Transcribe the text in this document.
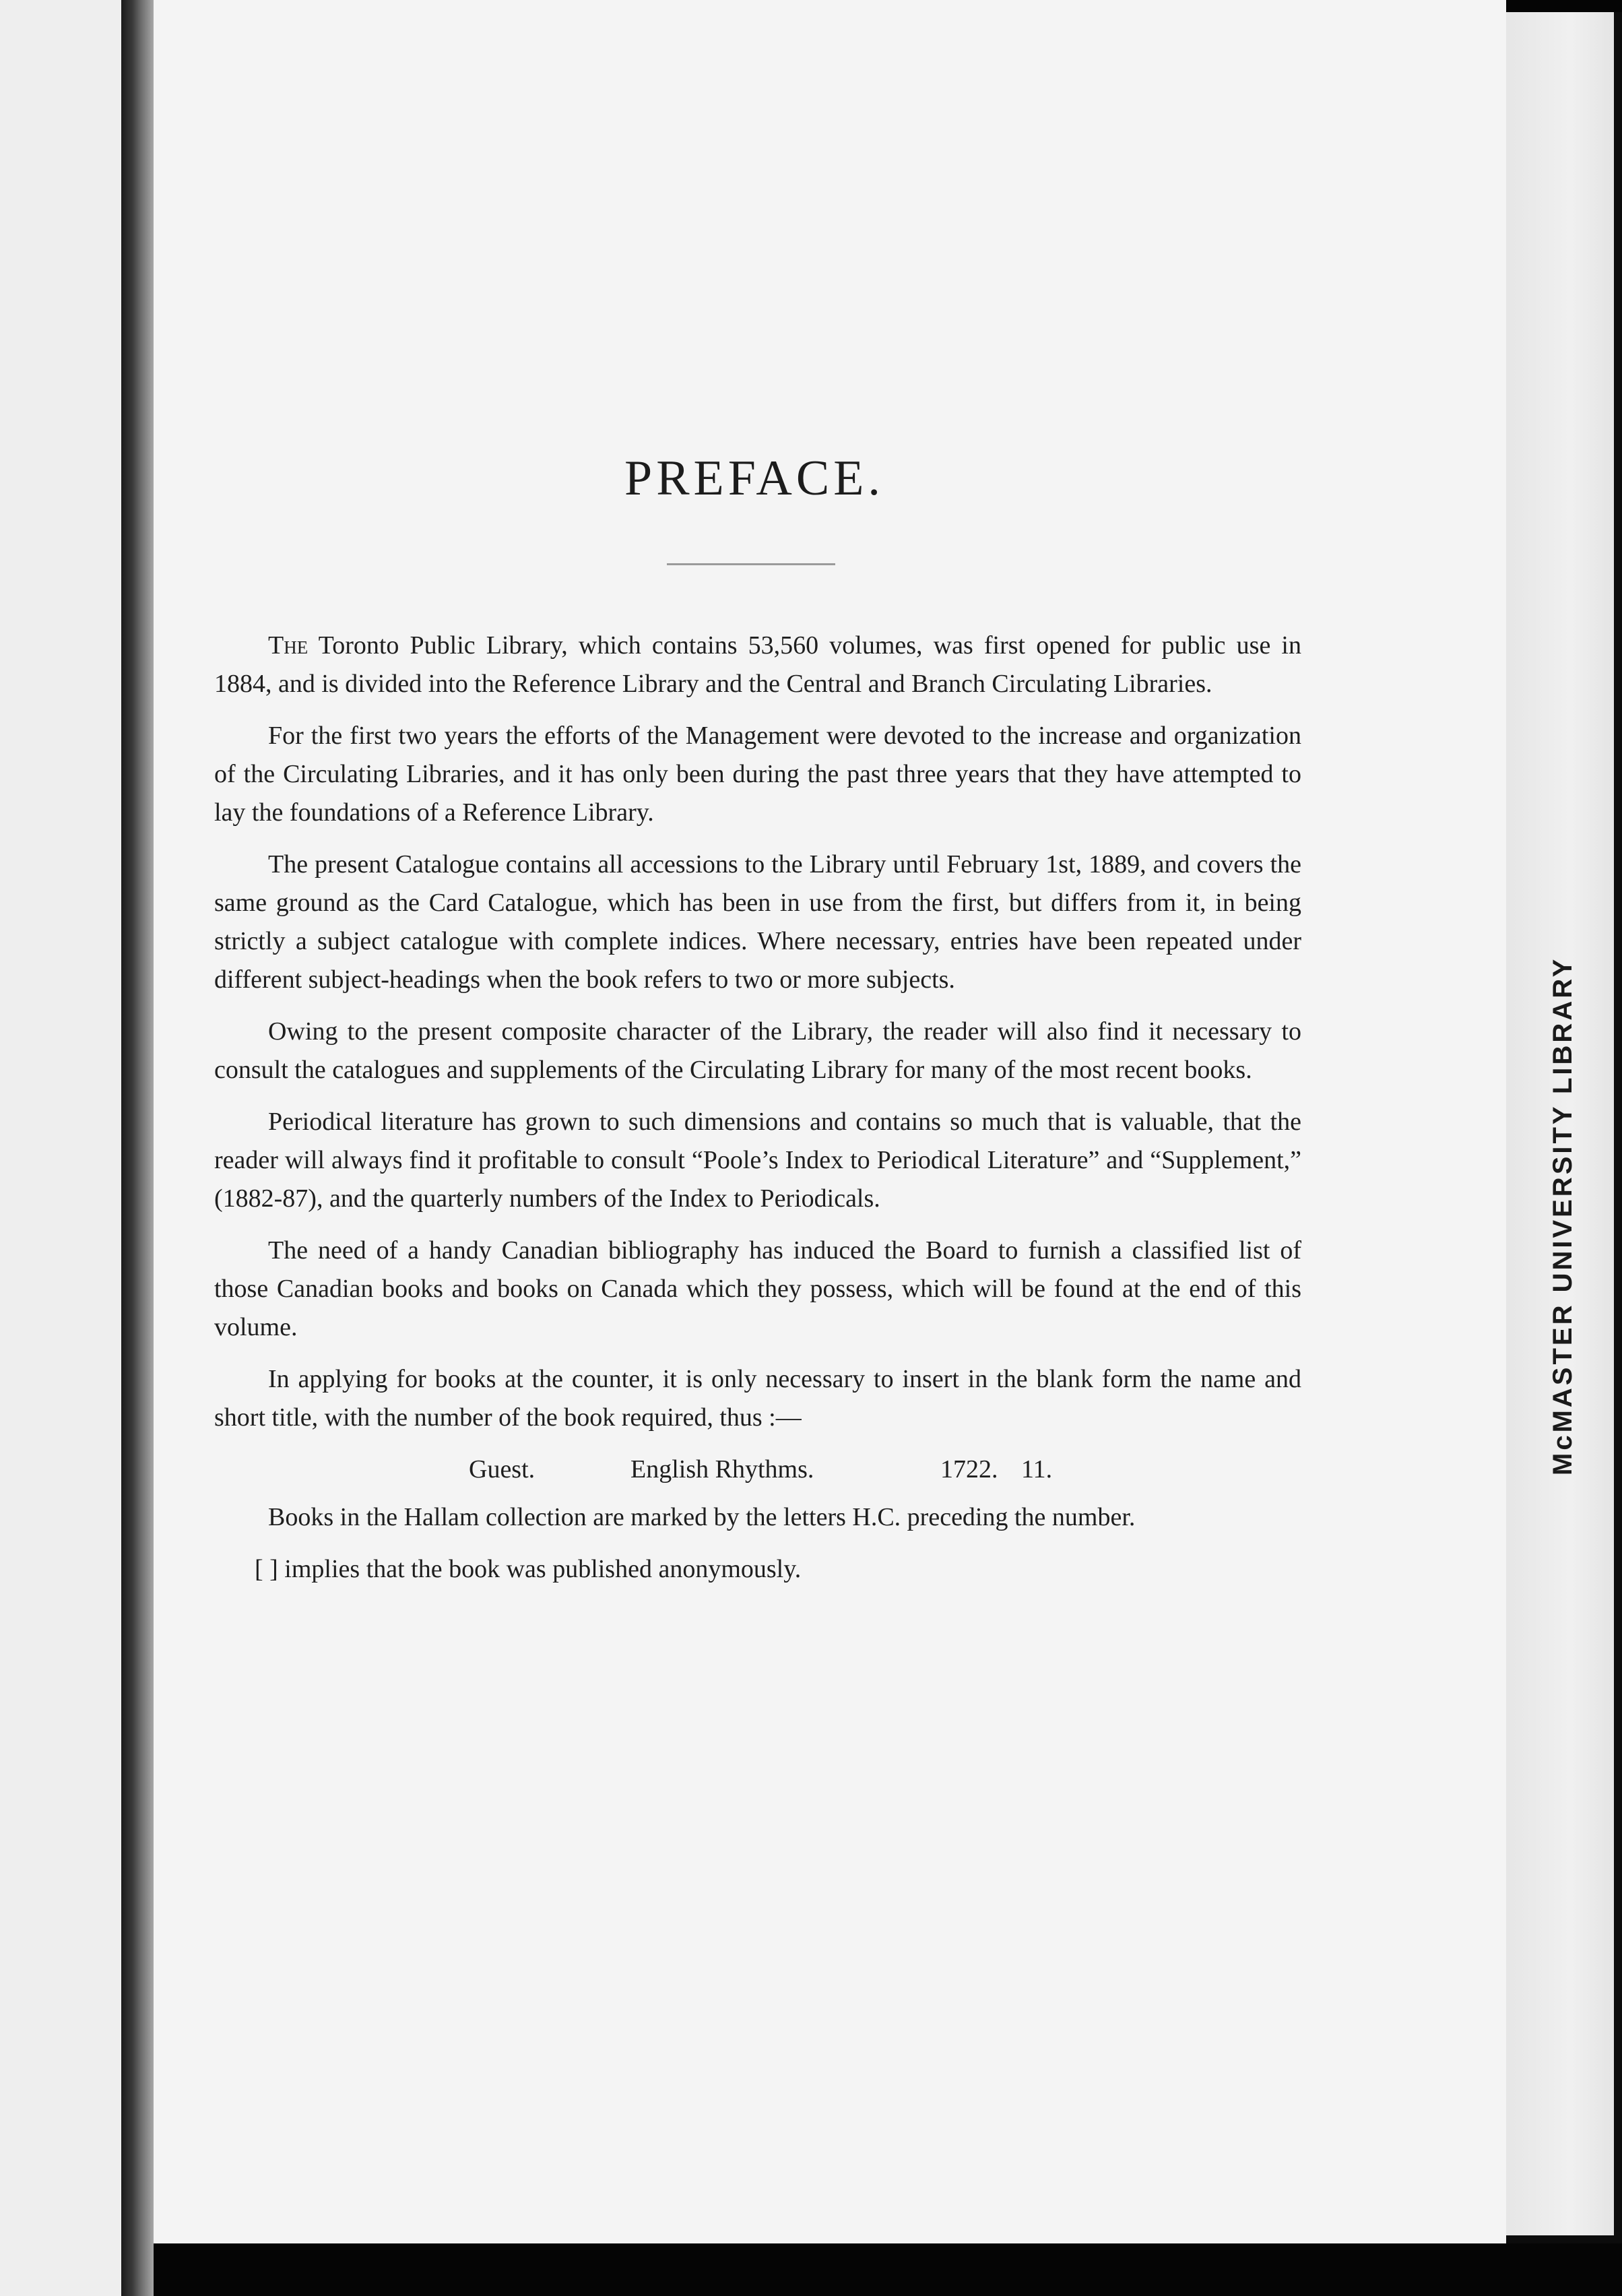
PREFACE.

The Toronto Public Library, which contains 53,560 volumes, was first opened for public use in 1884, and is divided into the Reference Library and the Central and Branch Circulating Libraries.

For the first two years the efforts of the Management were devoted to the increase and organization of the Circulating Libraries, and it has only been during the past three years that they have attempted to lay the foundations of a Reference Library.

The present Catalogue contains all accessions to the Library until February 1st, 1889, and covers the same ground as the Card Catalogue, which has been in use from the first, but differs from it, in being strictly a subject catalogue with complete indices. Where necessary, entries have been repeated under different subject-headings when the book refers to two or more subjects.

Owing to the present composite character of the Library, the reader will also find it necessary to consult the catalogues and supplements of the Circulating Library for many of the most recent books.

Periodical literature has grown to such dimensions and contains so much that is valuable, that the reader will always find it profitable to consult “Poole’s Index to Periodical Literature” and “Supplement,” (1882-87), and the quarterly numbers of the Index to Periodicals.

The need of a handy Canadian bibliography has induced the Board to furnish a classified list of those Canadian books and books on Canada which they possess, which will be found at the end of this volume.

In applying for books at the counter, it is only necessary to insert in the blank form the name and short title, with the number of the book required, thus :—

Guest.	English Rhythms.	1722. 11.

Books in the Hallam collection are marked by the letters H.C. preceding the number.

[ ] implies that the book was published anonymously.

McMASTER UNIVERSITY LIBRARY
